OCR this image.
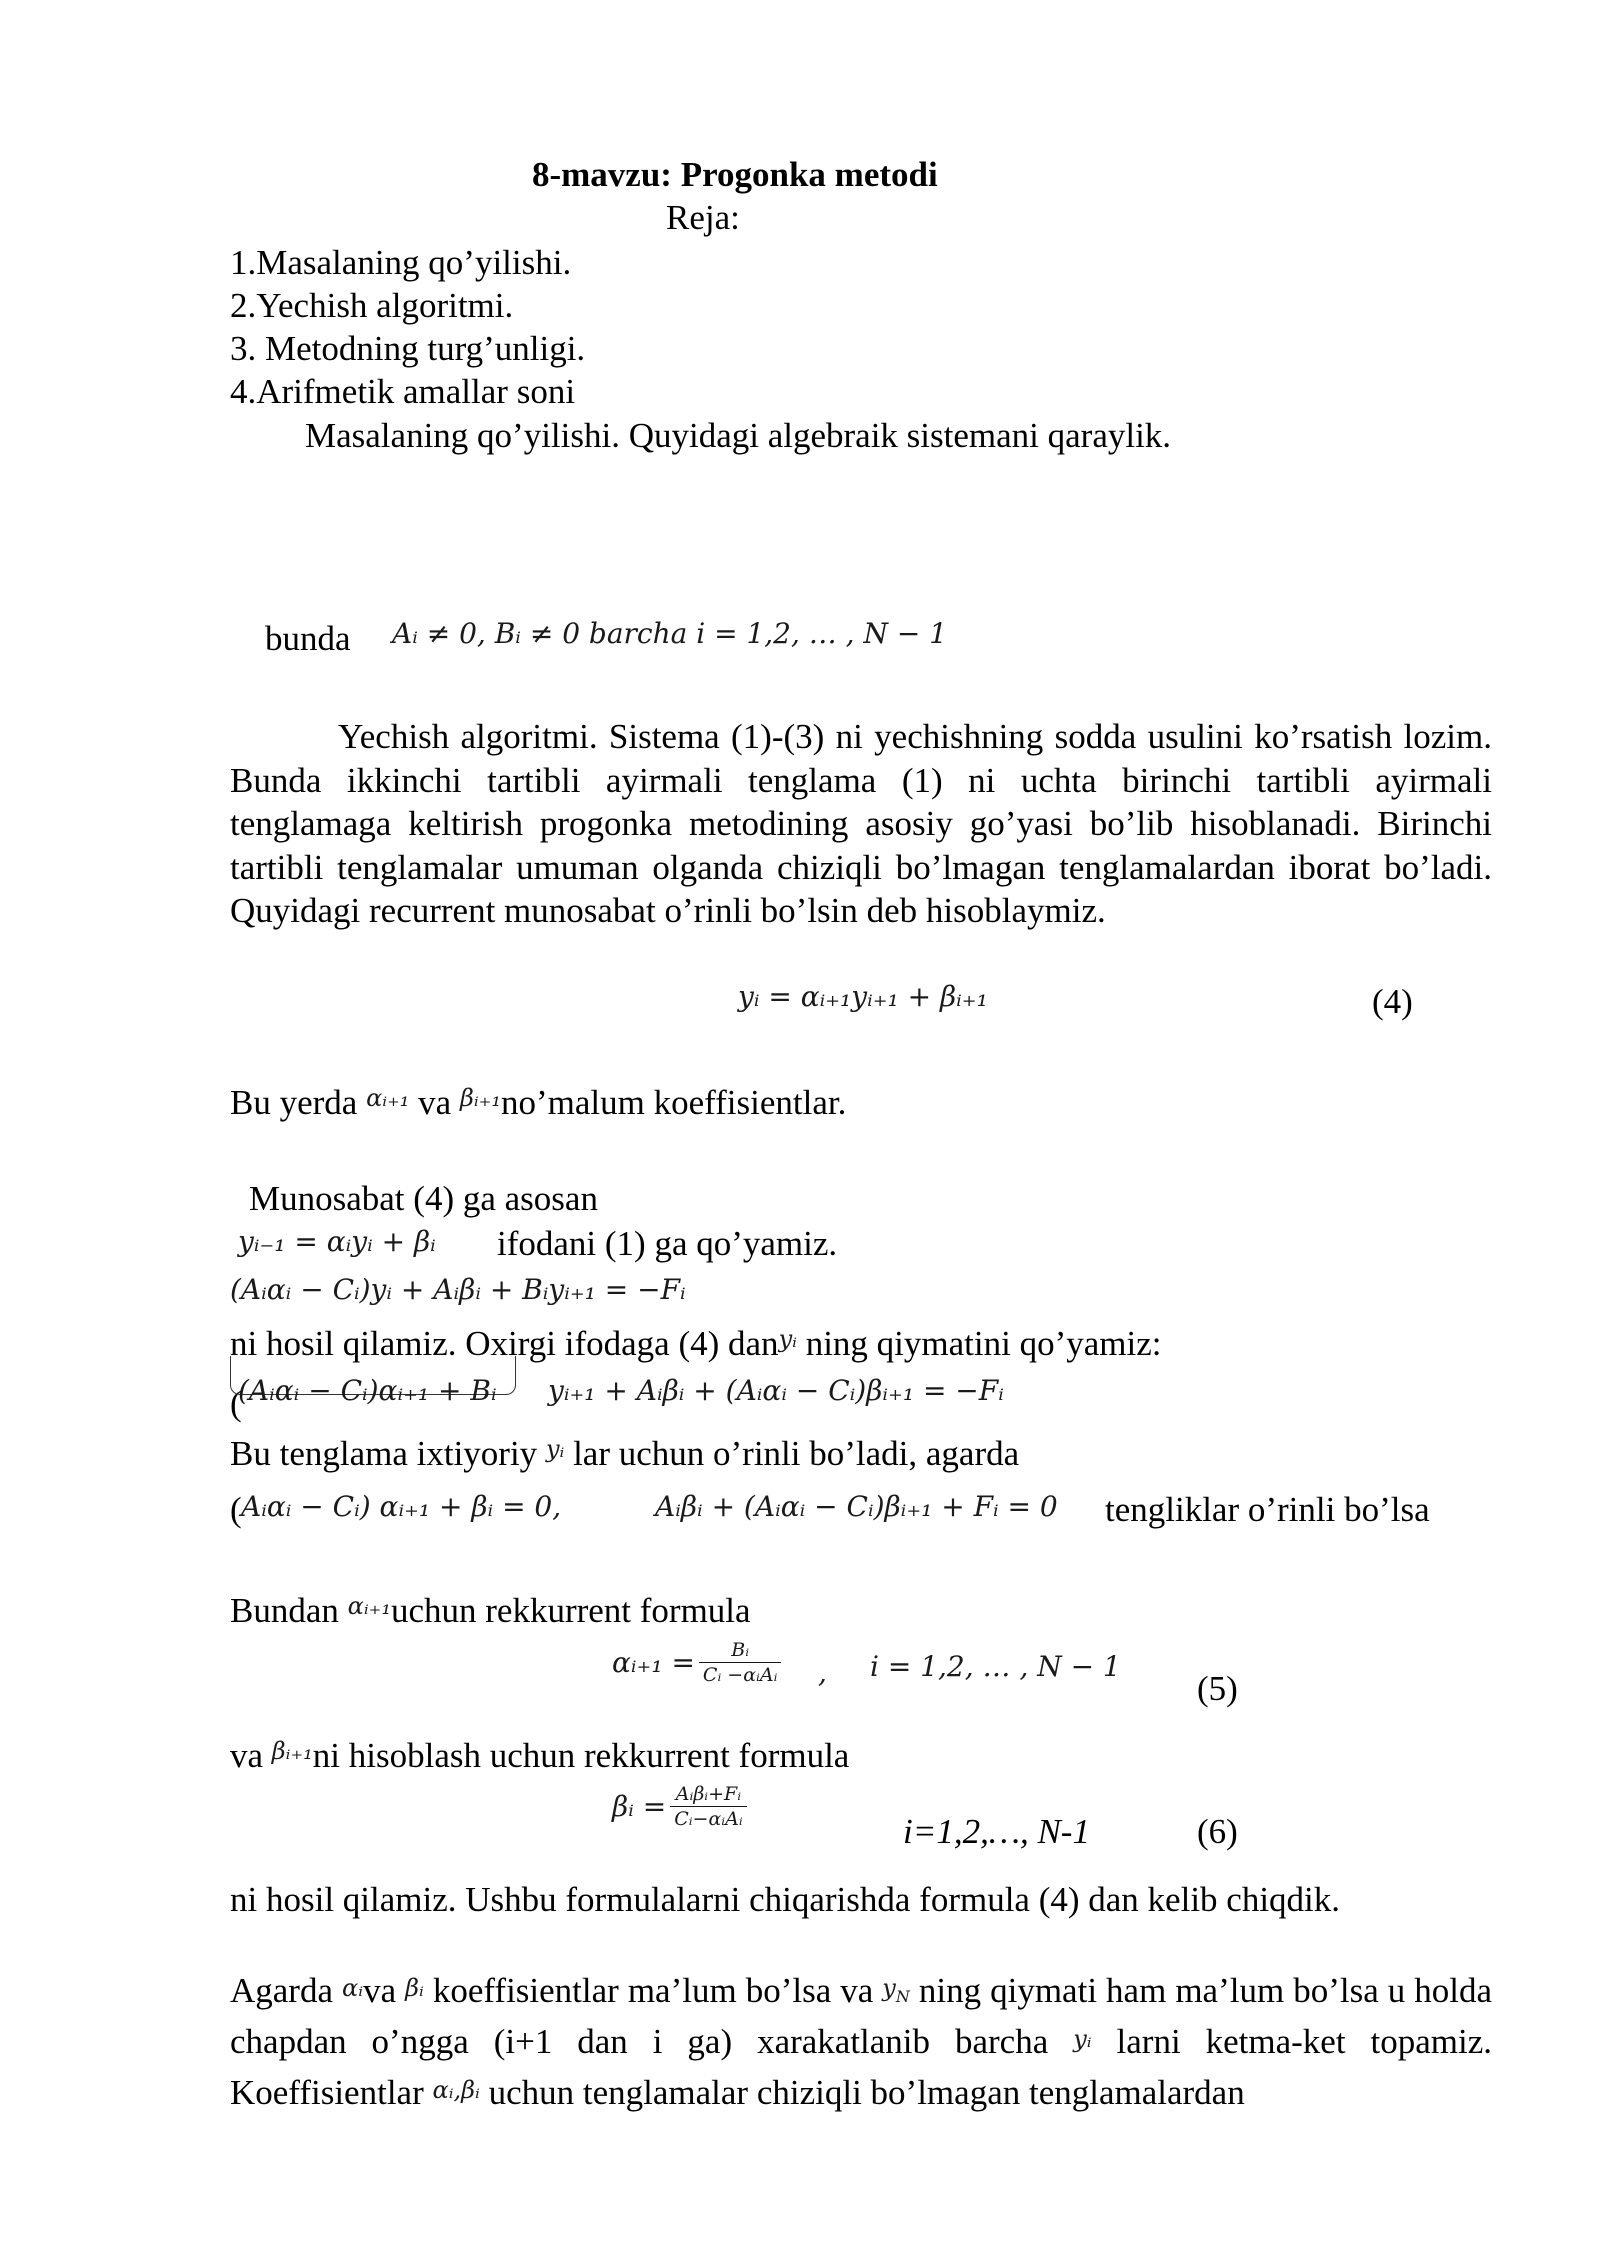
8-mavzu: Progonka metodi
Reja:
1.Masalaning qo’yilishi.
2.Yechish algoritmi.
3. Metodning turg’unligi.
4.Arifmetik amallar soni
Masalaning qo’yilishi. Quyidagi algebraik sistemani qaraylik.
bunda Aᵢ ≠ 0, Bᵢ ≠ 0 barcha i = 1,2, … , N − 1
Yechish algoritmi. Sistema (1)-(3) ni yechishning sodda usulini ko’rsatish lozim. Bunda ikkinchi tartibli ayirmali tenglama (1) ni uchta birinchi tartibli ayirmali tenglamaga keltirish progonka metodining asosiy go’yasi bo’lib hisoblanadi. Birinchi tartibli tenglamalar umuman olganda chiziqli bo’lmagan tenglamalardan iborat bo’ladi. Quyidagi recurrent munosabat o’rinli bo’lsin deb hisoblaymiz.
yᵢ = αᵢ₊₁yᵢ₊₁ + βᵢ₊₁	(4)
Bu yerda $^{\alpha ᵢ_{+1}}$ va $^{\beta ᵢ_{+1}}$no’malum koeffisientlar.
Munosabat (4) ga asosan
yᵢ₋₁ = αᵢyᵢ + βᵢ ifodani (1) ga qo’yamiz.
(Aᵢαᵢ − Cᵢ)yᵢ + Aᵢβᵢ + Bᵢyᵢ₊₁ = −Fᵢ
ni hosil qilamiz. Oxirgi ifodaga (4) dan$^{yᵢ}$ ning qiymatini qo’yamiz:
(
(Aᵢαᵢ − Cᵢ)αᵢ₊₁ + Bᵢ yᵢ₊₁ + Aᵢβᵢ + (Aᵢαᵢ − Cᵢ)βᵢ₊₁ = −Fᵢ
Bu tenglama ixtiyoriy $^{yᵢ}$ lar uchun o’rinli bo’ladi, agarda
( Aᵢαᵢ − Cᵢ) αᵢ₊₁ + βᵢ = 0,	Aᵢβᵢ + (Aᵢαᵢ − Cᵢ)βᵢ₊₁ + Fᵢ = 0 tengliklar o’rinli bo’lsa
Bundan $^{\alpha ᵢ_{+1}}$uchun rekkurrent formula
αᵢ₊₁ = $\frac{\text{Bᵢ}}{\text{Cᵢ −αᵢAᵢ}}$ , i = 1,2, … , N − 1
(5)
va $^{\beta ᵢ_{+1}}$ni hisoblash uchun rekkurrent formula
βᵢ = $\frac{\text{Aᵢβᵢ+Fᵢ}}{\text{Cᵢ−αᵢAᵢ}}$
i=1,2,…, N-1	(6)
ni hosil qilamiz. Ushbu formulalarni chiqarishda formula (4) dan kelib chiqdik.
Agarda αᵢva βᵢ koeffisientlar ma’lum bo’lsa va $y_N$ ning qiymati ham ma’lum bo’lsa u holda chapdan o’ngga (i+1 dan i ga) xarakatlanib barcha yᵢ larni ketma-ket topamiz. Koeffisientlar αᵢ,βᵢ uchun tenglamalar chiziqli bo’lmagan tenglamalardan
